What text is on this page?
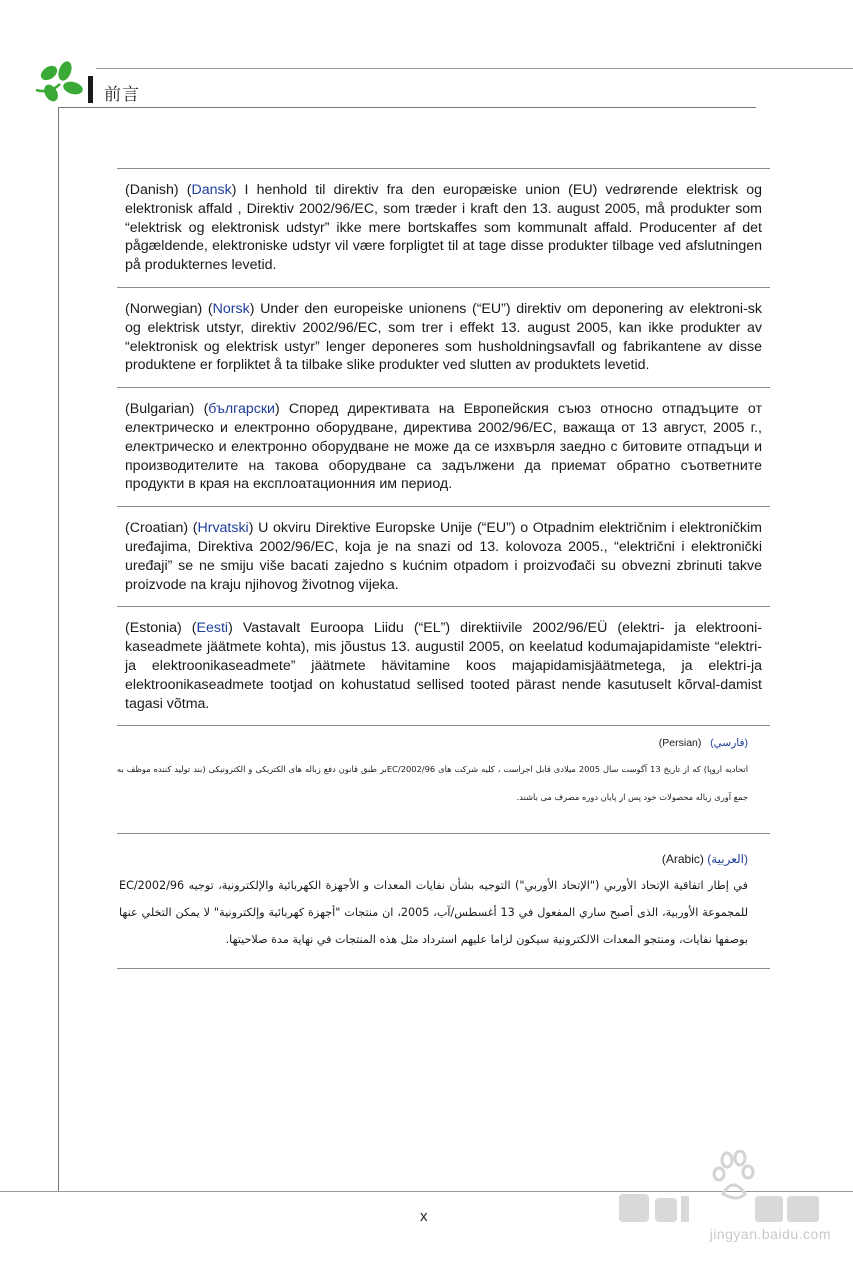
前言

(Danish) (Dansk) I henhold til direktiv fra den europæiske union (EU) vedrørende elektrisk og elektronisk affald , Direktiv 2002/96/EC, som træder i kraft den 13. august 2005, må produkter som “elektrisk og elektronisk udstyr” ikke mere bortskaffes som kommunalt affald. Producenter af det pågældende, elektroniske udstyr vil være forpligtet til at tage disse produkter tilbage ved afslutningen på produkternes levetid.

(Norwegian) (Norsk) Under den europeiske unionens (“EU”) direktiv om deponering av elektroni-sk og elektrisk utstyr, direktiv 2002/96/EC, som trer i effekt 13. august 2005, kan ikke produkter av “elektronisk og elektrisk ustyr” lenger deponeres som husholdningsavfall og fabrikantene av disse produktene er forpliktet å ta tilbake slike produkter ved slutten av produktets levetid.

(Bulgarian) (български) Според директивата на Европейския съюз относно отпадъците от електрическо и електронно оборудване, директива 2002/96/EC, важаща от 13 август, 2005 г., електрическо и електронно оборудване не може да се изхвърля заедно с битовите отпадъци и производителите на такова оборудване са задължени да приемат обратно съответните продукти в края на експлоатационния им период.

(Croatian) (Hrvatski) U okviru Direktive Europske Unije (“EU”) o Otpadnim električnim i elektroničkim uređajima, Direktiva 2002/96/EC, koja je na snazi od 13. kolovoza 2005., “električni i elektronički uređaji” se ne smiju više bacati zajedno s kućnim otpadom i proizvođači su obvezni zbrinuti takve proizvode na kraju njihovog životnog vijeka.

(Estonia) (Eesti) Vastavalt Euroopa Liidu (“EL”) direktiivile 2002/96/EÜ (elektri- ja elektrooni-kaseadmete jäätmete kohta), mis jõustus 13. augustil 2005, on keelatud kodumajapidamiste “elektri- ja elektroonikaseadmete” jäätmete hävitamine koos majapidamisjäätmetega, ja elektri-ja elektroonikaseadmete tootjad on kohustatud sellised tooted pärast nende kasutuselt kõrval-damist tagasi võtma.

(فارسي)   (Persian)

اتحادیه اروپا) که از تاریخ 13 آگوست سال 2005 میلادی قابل اجراست ، کلیه شرکت های 2002/96/ECبر طبق قانون دفع زباله های الکتریکی و الکترونیکی (بند تولید کننده موظف به جمع آوری زباله محصولات خود پس از پایان دوره مصرف می باشند.

(العربية) (Arabic)

في إطار اتفاقية الإتحاد الأوربي ("الإتحاد الأوربي") التوجيه بشأن نفايات المعدات و الأجهزة الكهربائية والإلكترونية، توجيه 2002/96/EC للمجموعة الأوربية، الذى أصبح ساري المفعول في 13 أغسطس/آب، 2005، ان منتجات "أجهزة كهربائية وإلكترونية" لا يمكن التخلي عنها بوصفها نفايات، ومنتجو المعدات الالكترونية سيكون لزاما عليهم استرداد مثل هذه المنتجات في نهاية مدة صلاحيتها.

x
jingyan.baidu.com
